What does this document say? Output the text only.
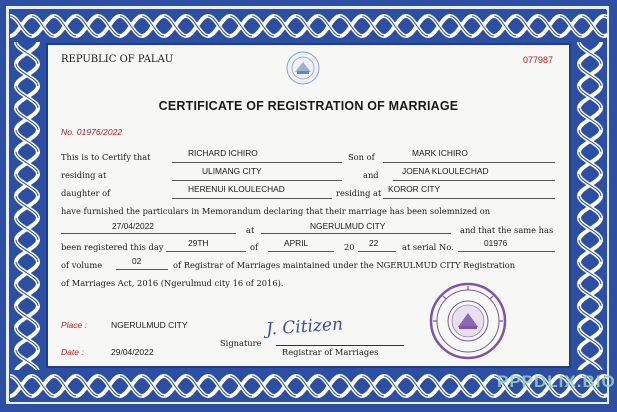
REPUBLIC OF PALAU	077987
CERTIFICATE OF REGISTRATION OF MARRIAGE
No. 01976/2022
This is to Certify that	RICHARD ICHIRO	Son of	MARK ICHIRO
residing at	ULIMANG CITY	and	JOENA KLOULECHAD
daughter of	HERENUI KLOULECHAD	residing at KOROR CITY
have furnished the particulars in Memorandum declaring that their marriage has been solemnized on
27/04/2022	at	NGERULMUD CITY	and that the same has
been registered this day	29TH	of	APRIL	20 22	at serial No.	01976
of volume	02	of Registrar of Marriages maintained under the NGERULMUD CITY Registration
of Marriages Act, 2016 (Ngerulmud city 16 of 2016).
Place :	NGERULMUD CITY
Date :	29/04/2022
Signature
J. Citizen
Registrar of Marriages
PPPDLIX.BIO
